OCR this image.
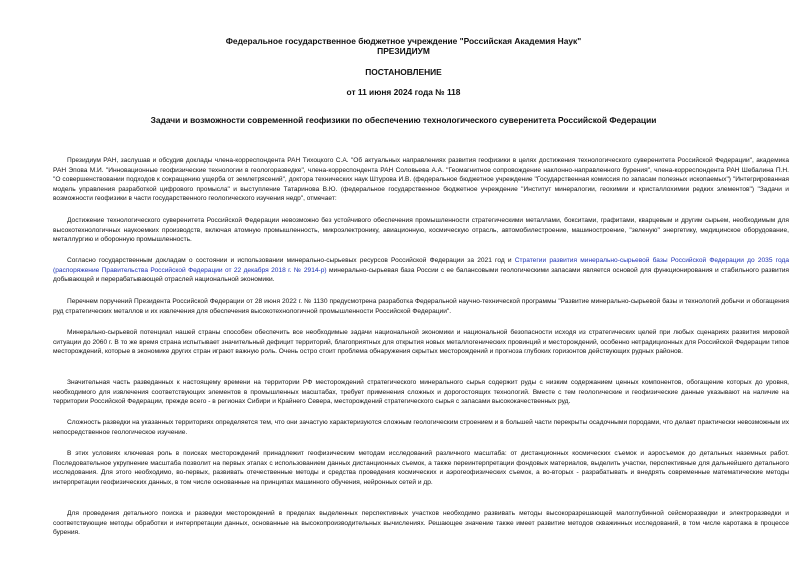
Федеральное государственное бюджетное учреждение "Российская Академия Наук"
ПРЕЗИДИУМ
ПОСТАНОВЛЕНИЕ
от 11 июня 2024 года № 118
Задачи и возможности современной геофизики по обеспечению технологического суверенитета Российской Федерации

Президиум РАН, заслушав и обсудив доклады члена-корреспондента РАН Тихоцкого С.А. "Об актуальных направлениях развития геофизики в целях достижения технологического суверенитета Российской Федерации", академика РАН Эпова М.И. "Инновационные геофизические технологии в геологоразведке", члена-корреспондента РАН Соловьева А.А. "Геомагнитное сопровождение наклонно-направленного бурения", члена-корреспондента РАН Шебалина П.Н. "О совершенствовании подходов к сокращению ущерба от землетрясений", доктора технических наук Штурова И.В. (федеральное бюджетное учреждение "Государственная комиссия по запасам полезных ископаемых") "Интегрированная модель управления разработкой цифрового промысла" и выступление Татаринова В.Ю. (федеральное государственное бюджетное учреждение "Институт минералогии, геохимии и кристаллохимии редких элементов") "Задачи и возможности геофизики в части государственного геологического изучения недр", отмечает:

Достижение технологического суверенитета Российской Федерации невозможно без устойчивого обеспечения промышленности стратегическими металлами, бокситами, графитами, кварцевым и другим сырьем, необходимым для высокотехнологичных наукоемких производств, включая атомную промышленность, микроэлектронику, авиационную, космическую отрасль, автомобилестроение, машиностроение, "зеленую" энергетику, медицинское оборудование, металлургию и оборонную промышленность.

Согласно государственным докладам о состоянии и использовании минерально-сырьевых ресурсов Российской Федерации за 2021 год и Стратегии развития минерально-сырьевой базы Российской Федерации до 2035 года (распоряжение Правительства Российской Федерации от 22 декабря 2018 г. № 2914-р) минерально-сырьевая база России с ее балансовыми геологическими запасами является основой для функционирования и стабильного развития добывающей и перерабатывающей отраслей национальной экономики.

Перечнем поручений Президента Российской Федерации от 28 июня 2022 г. № 1130 предусмотрена разработка Федеральной научно-технической программы "Развитие минерально-сырьевой базы и технологий добычи и обогащения руд стратегических металлов и их извлечения для обеспечения высокотехнологичной промышленности Российской Федерации".

Минерально-сырьевой потенциал нашей страны способен обеспечить все необходимые задачи национальной экономики и национальной безопасности исходя из стратегических целей при любых сценариях развития мировой ситуации до 2060 г. В то же время страна испытывает значительный дефицит территорий, благоприятных для открытия новых металлогенических провинций и месторождений, особенно нетрадиционных для Российской Федерации типов месторождений, которые в экономике других стран играют важную роль. Очень остро стоит проблема обнаружения скрытых месторождений и прогноза глубоких горизонтов действующих рудных районов.

Значительная часть разведанных к настоящему времени на территории РФ месторождений стратегического минерального сырья содержит руды с низким содержанием ценных компонентов, обогащение которых до уровня, необходимого для извлечения соответствующих элементов в промышленных масштабах, требует применения сложных и дорогостоящих технологий. Вместе с тем геологические и геофизические данные указывают на наличие на территории Российской Федерации, прежде всего - в регионах Сибири и Крайнего Севера, месторождений стратегического сырья с запасами высококачественных руд.

Сложность разведки на указанных территориях определяется тем, что они зачастую характеризуются сложным геологическим строением и в большей части перекрыты осадочными породами, что делает практически невозможным их непосредственное геологическое изучение.

В этих условиях ключевая роль в поисках месторождений принадлежит геофизическим методам исследований различного масштаба: от дистанционных космических съемок и аэросъемок до детальных наземных работ. Последовательное укрупнение масштаба позволит на первых этапах с использованием данных дистанционных съемок, а также переинтерпретации фондовых материалов, выделить участки, перспективные для дальнейшего детального исследования. Для этого необходимо, во-первых, развивать отечественные методы и средства проведения космических и аэрогеофизических съемок, а во-вторых - разрабатывать и внедрять современные математические методы интерпретации геофизических данных, в том числе основанные на принципах машинного обучения, нейронных сетей и др.

Для проведения детального поиска и разведки месторождений в пределах выделенных перспективных участков необходимо развивать методы высокоразрешающей малоглубинной сейсморазведки и электроразведки и соответствующие методы обработки и интерпретации данных, основанные на высокопроизводительных вычислениях. Решающее значение также имеет развитие методов скважинных исследований, в том числе каротажа в процессе бурения.
